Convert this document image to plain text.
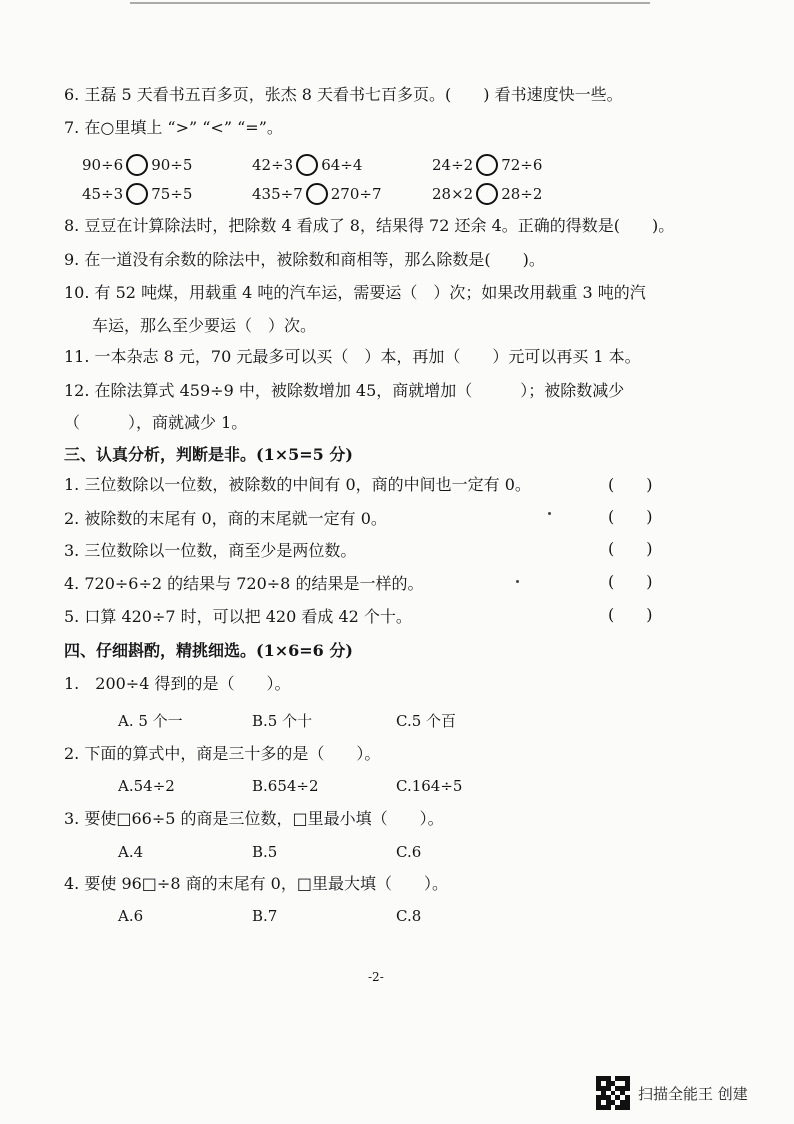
6. 王磊 5 天看书五百多页，张杰 8 天看书七百多页。(　　) 看书速度快一些。
7. 在○里填上 “>” “<” “=”。
90÷6 90÷5	42÷3 64÷4	24÷2 72÷6
45÷3 75÷5	435÷7 270÷7	28×2 28÷2
8. 豆豆在计算除法时，把除数 4 看成了 8，结果得 72 还余 4。正确的得数是(　　)。
9. 在一道没有余数的除法中，被除数和商相等，那么除数是(　　)。
10. 有 52 吨煤，用载重 4 吨的汽车运，需要运（　）次；如果改用载重 3 吨的汽
车运，那么至少要运（　）次。
11. 一本杂志 8 元，70 元最多可以买（　）本，再加（　　）元可以再买 1 本。
12. 在除法算式 459÷9 中，被除数增加 45，商就增加（　　　）；被除数减少
（　　　），商就减少 1。
三、认真分析，判断是非。(1×5=5 分)
1. 三位数除以一位数，被除数的中间有 0，商的中间也一定有 0。	(　　)
2. 被除数的末尾有 0，商的末尾就一定有 0。	(　　)
3. 三位数除以一位数，商至少是两位数。	(　　)
4. 720÷6÷2 的结果与 720÷8 的结果是一样的。	(　　)
5. 口算 420÷7 时，可以把 420 看成 42 个十。	(　　)
四、仔细斟酌，精挑细选。(1×6=6 分)
1.　200÷4 得到的是（　　）。
A. 5 个一	B.5 个十	C.5 个百
2. 下面的算式中，商是三十多的是（　　）。
A.54÷2	B.654÷2	C.164÷5
3. 要使□66÷5 的商是三位数，□里最小填（　　）。
A.4	B.5	C.6
4. 要使 96□÷8 商的末尾有 0，□里最大填（　　）。
A.6	B.7	C.8
-2-
扫描全能王 创建
